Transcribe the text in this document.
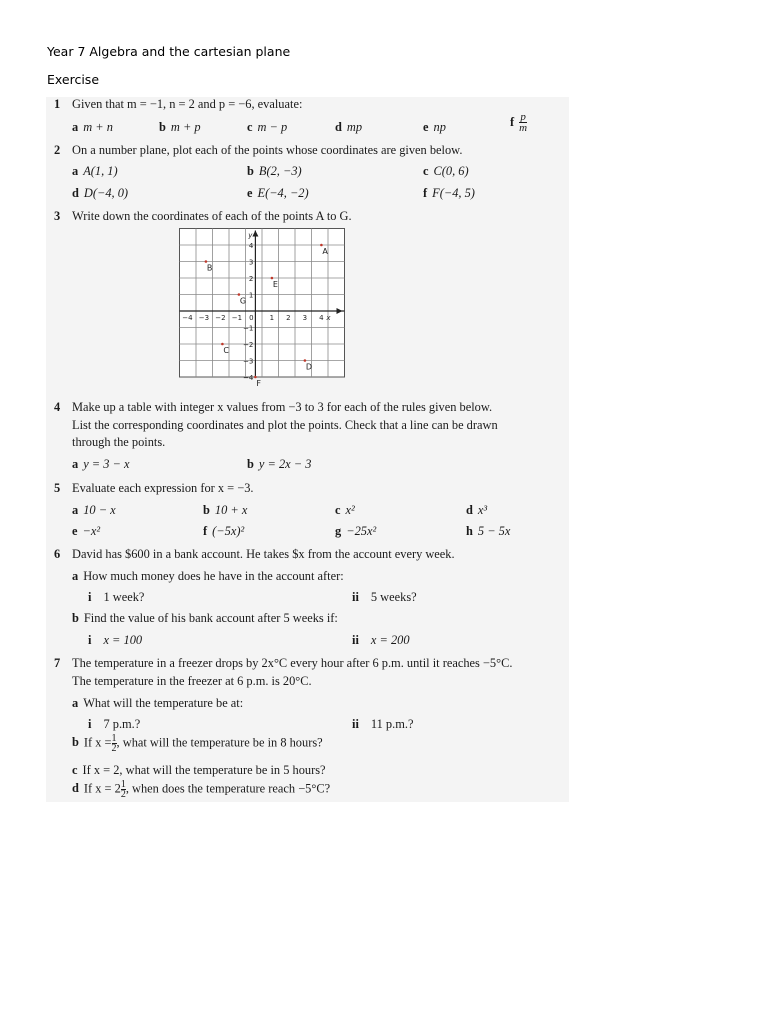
Year 7 Algebra and the cartesian plane
Exercise
1 Given that m = −1, n = 2 and p = −6, evaluate:
a m + n	b m + p	c m − p	d mp	e np	f $\frac{p}{m}$
2 On a number plane, plot each of the points whose coordinates are given below.
a A(1, 1)	b B(2, −3)	c C(0, 6)
d D(−4, 0)	e E(−4, −2)	f F(−4, 5)
3 Write down the coordinates of each of the points A to G.
−4 −3 −2 −1 0 1 2 3 4 x
4
3
2
1
−1
−2
−3
−4
y
A
B
C
D
E
F
G
4 Make up a table with integer x values from −3 to 3 for each of the rules given below.
List the corresponding coordinates and plot the points. Check that a line can be drawn
through the points.
a y = 3 − x	b y = 2x − 3
5 Evaluate each expression for x = −3.
a 10 − x	b 10 + x	c x²	d x³
e −x²	f (−5x)²	g −25x²	h 5 − 5x
6 David has $600 in a bank account. He takes $x from the account every week.
a How much money does he have in the account after:
i 1 week?	ii 5 weeks?
b Find the value of his bank account after 5 weeks if:
i x = 100	ii x = 200
7 The temperature in a freezer drops by 2x°C every hour after 6 p.m. until it reaches −5°C.
The temperature in the freezer at 6 p.m. is 20°C.
a What will the temperature be at:
i 7 p.m.?	ii 11 p.m.?
b If $x = \frac{1}{2}$ , what will the temperature be in 8 hours?
c If x = 2, what will the temperature be in 5 hours?
d If $x = 2 \frac{1}{2}$ , when does the temperature reach −5°C?
